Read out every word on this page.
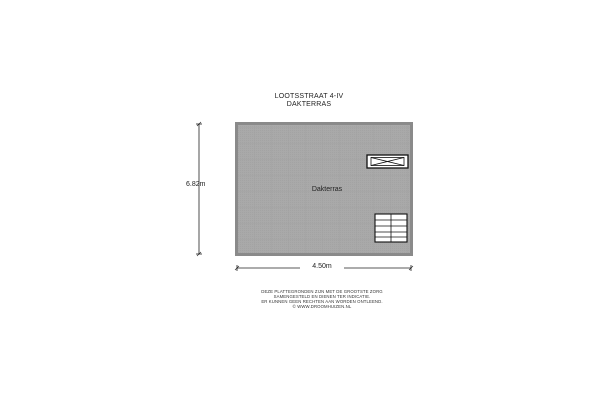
LOOTSSTRAAT 4-IV
DAKTERRAS
6.82m
Dakterras
4.50m
DEZE PLATTEGRONDEN ZIJN MET DE GROOTSTE ZORG
SAMENGESTELD EN DIENEN TER INDICATIE.
ER KUNNEN GEEN RECHTEN AAN WORDEN ONTLEEND.
© WWW.DROOMHUIZEN.NL
